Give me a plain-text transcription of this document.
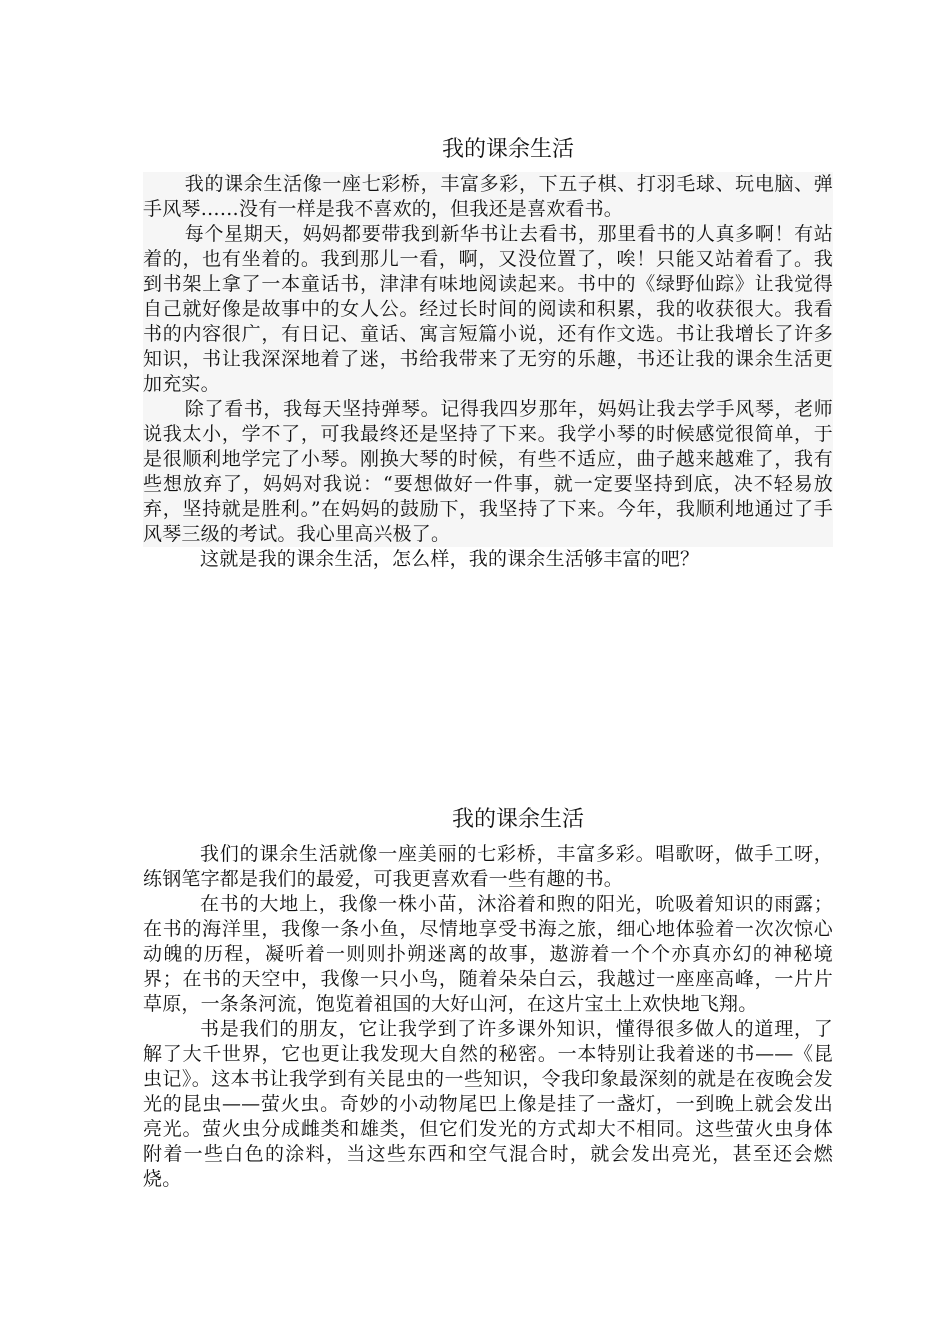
我的课余生活

我的课余生活像一座七彩桥，丰富多彩，下五子棋、打羽毛球、玩电脑、弹手风琴……没有一样是我不喜欢的，但我还是喜欢看书。

每个星期天，妈妈都要带我到新华书让去看书，那里看书的人真多啊！有站着的，也有坐着的。我到那儿一看，啊，又没位置了，唉！只能又站着看了。我到书架上拿了一本童话书，津津有味地阅读起来。书中的《绿野仙踪》让我觉得自己就好像是故事中的女人公。经过长时间的阅读和积累，我的收获很大。我看书的内容很广，有日记、童话、寓言短篇小说，还有作文选。书让我增长了许多知识，书让我深深地着了迷，书给我带来了无穷的乐趣，书还让我的课余生活更加充实。

除了看书，我每天坚持弹琴。记得我四岁那年，妈妈让我去学手风琴，老师说我太小，学不了，可我最终还是坚持了下来。我学小琴的时候感觉很简单，于是很顺利地学完了小琴。刚换大琴的时候，有些不适应，曲子越来越难了，我有些想放弃了，妈妈对我说：“要想做好一件事，就一定要坚持到底，决不轻易放弃，坚持就是胜利。”在妈妈的鼓励下，我坚持了下来。今年，我顺利地通过了手风琴三级的考试。我心里高兴极了。

这就是我的课余生活，怎么样，我的课余生活够丰富的吧？

我的课余生活

我们的课余生活就像一座美丽的七彩桥，丰富多彩。唱歌呀，做手工呀，练钢笔字都是我们的最爱，可我更喜欢看一些有趣的书。

在书的大地上，我像一株小苗，沐浴着和煦的阳光，吮吸着知识的雨露；在书的海洋里，我像一条小鱼，尽情地享受书海之旅，细心地体验着一次次惊心动魄的历程，凝听着一则则扑朔迷离的故事，遨游着一个个亦真亦幻的神秘境界；在书的天空中，我像一只小鸟，随着朵朵白云，我越过一座座高峰，一片片草原，一条条河流，饱览着祖国的大好山河，在这片宝土上欢快地飞翔。

书是我们的朋友，它让我学到了许多课外知识，懂得很多做人的道理，了解了大千世界，它也更让我发现大自然的秘密。一本特别让我着迷的书——《昆虫记》。这本书让我学到有关昆虫的一些知识，令我印象最深刻的就是在夜晚会发光的昆虫——萤火虫。奇妙的小动物尾巴上像是挂了一盏灯，一到晚上就会发出亮光。萤火虫分成雌类和雄类，但它们发光的方式却大不相同。这些萤火虫身体附着一些白色的涂料，当这些东西和空气混合时，就会发出亮光，甚至还会燃烧。
